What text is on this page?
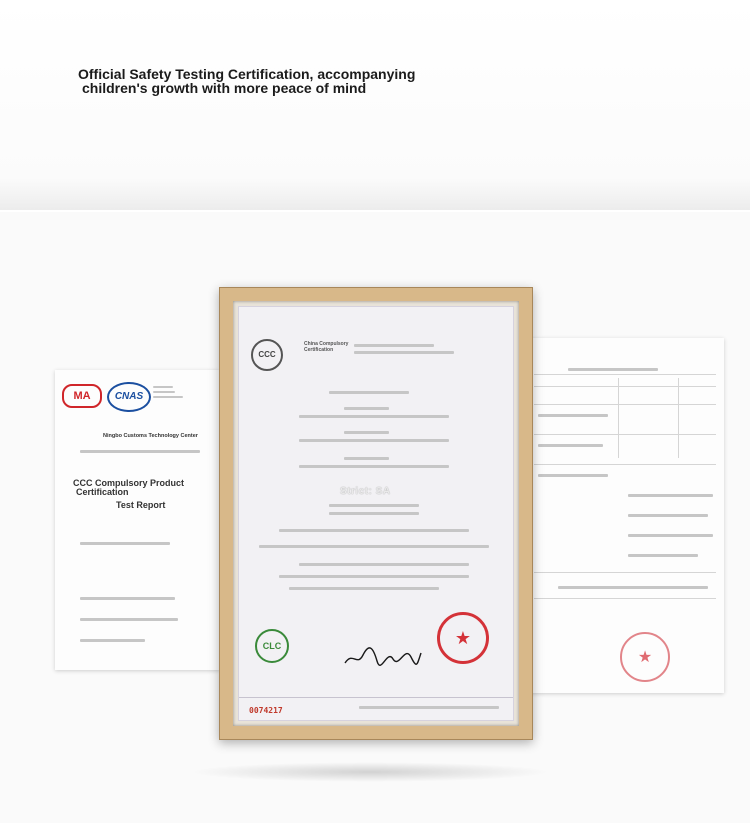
Official Safety Testing Certification, accompanying
children's growth with more peace of mind
MA	CNAS
Ningbo Customs Technology Center
CCC Compulsory Product
Certification
Test Report
★
CCC
China Compulsory
Certification
Strict: SA
CLC	★
0074217
